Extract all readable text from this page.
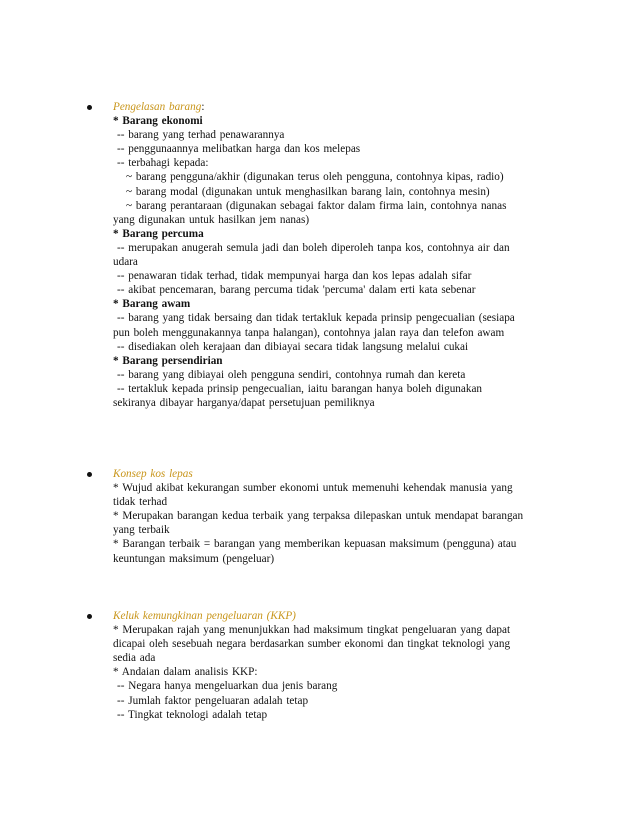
Pengelasan barang:
* Barang ekonomi
-- barang yang terhad penawarannya
-- penggunaannya melibatkan harga dan kos melepas
-- terbahagi kepada:
~ barang pengguna/akhir (digunakan terus oleh pengguna, contohnya kipas, radio)
~ barang modal (digunakan untuk menghasilkan barang lain, contohnya mesin)
~ barang perantaraan (digunakan sebagai faktor dalam firma lain, contohnya nanas
yang digunakan untuk hasilkan jem nanas)
* Barang percuma
-- merupakan anugerah semula jadi dan boleh diperoleh tanpa kos, contohnya air dan
udara
-- penawaran tidak terhad, tidak mempunyai harga dan kos lepas adalah sifar
-- akibat pencemaran, barang percuma tidak 'percuma' dalam erti kata sebenar
* Barang awam
-- barang yang tidak bersaing dan tidak tertakluk kepada prinsip pengecualian (sesiapa
pun boleh menggunakannya tanpa halangan), contohnya jalan raya dan telefon awam
-- disediakan oleh kerajaan dan dibiayai secara tidak langsung melalui cukai
* Barang persendirian
-- barang yang dibiayai oleh pengguna sendiri, contohnya rumah dan kereta
-- tertakluk kepada prinsip pengecualian, iaitu barangan hanya boleh digunakan
sekiranya dibayar harganya/dapat persetujuan pemiliknya
Konsep kos lepas
* Wujud akibat kekurangan sumber ekonomi untuk memenuhi kehendak manusia yang
tidak terhad
* Merupakan barangan kedua terbaik yang terpaksa dilepaskan untuk mendapat barangan
yang terbaik
* Barangan terbaik = barangan yang memberikan kepuasan maksimum (pengguna) atau
keuntungan maksimum (pengeluar)
Keluk kemungkinan pengeluaran (KKP)
* Merupakan rajah yang menunjukkan had maksimum tingkat pengeluaran yang dapat
dicapai oleh sesebuah negara berdasarkan sumber ekonomi dan tingkat teknologi yang
sedia ada
* Andaian dalam analisis KKP:
-- Negara hanya mengeluarkan dua jenis barang
-- Jumlah faktor pengeluaran adalah tetap
-- Tingkat teknologi adalah tetap
